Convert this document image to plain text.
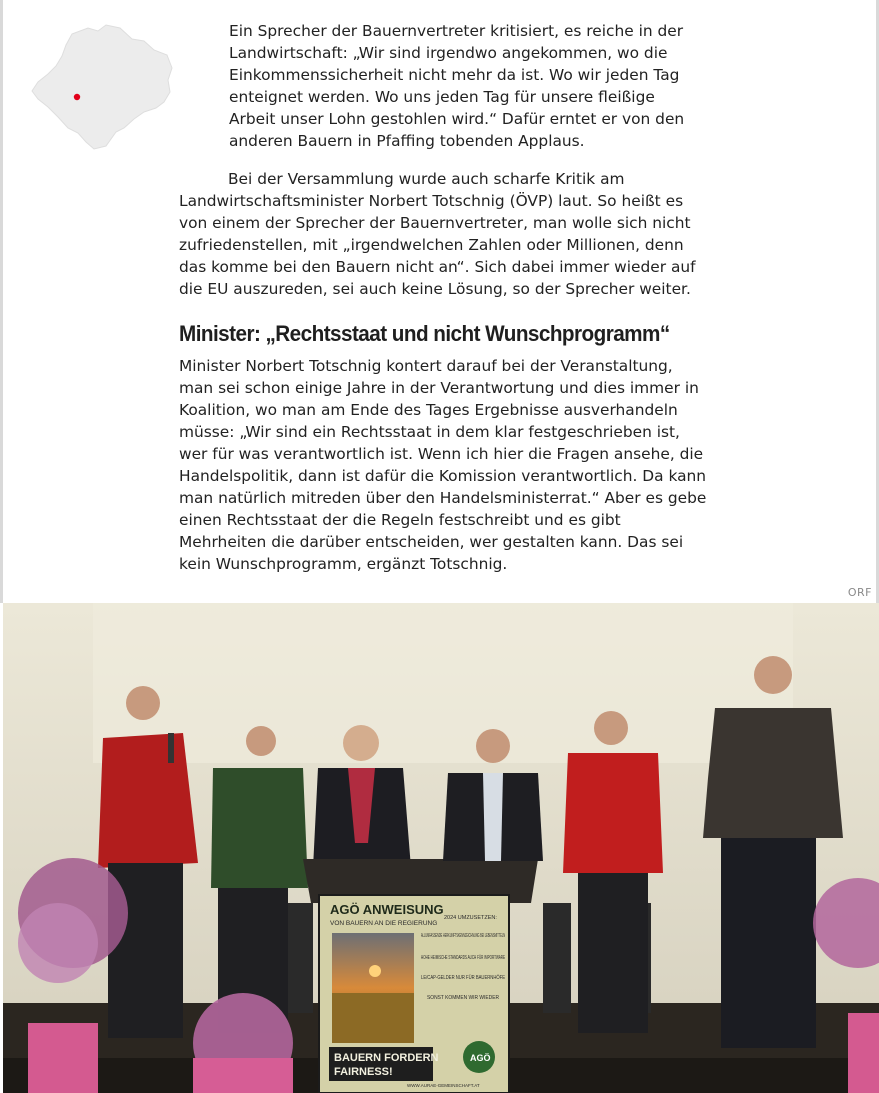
Ein Sprecher der Bauernvertreter kritisiert, es reiche in der Landwirtschaft: „Wir sind irgendwo angekommen, wo die Einkommenssicherheit nicht mehr da ist. Wo wir jeden Tag enteignet werden. Wo uns jeden Tag für unsere fleißige Arbeit unser Lohn gestohlen wird.“ Dafür erntet er von den anderen Bauern in Pfaffing tobenden Applaus.

Bei der Versammlung wurde auch scharfe Kritik am Landwirtschaftsminister Norbert Totschnig (ÖVP) laut. So heißt es von einem der Sprecher der Bauernvertreter, man wolle sich nicht zufriedenstellen, mit „irgendwelchen Zahlen oder Millionen, denn das komme bei den Bauern nicht an“. Sich dabei immer wieder auf die EU auszureden, sei auch keine Lösung, so der Sprecher weiter.

Minister: „Rechtsstaat und nicht Wunschprogramm“

Minister Norbert Totschnig kontert darauf bei der Veranstaltung, man sei schon einige Jahre in der Verantwortung und dies immer in Koalition, wo man am Ende des Tages Ergebnisse ausverhandeln müsse: „Wir sind ein Rechtsstaat in dem klar festgeschrieben ist, wer für was verantwortlich ist. Wenn ich hier die Fragen ansehe, die Handelspolitik, dann ist dafür die Komission verantwortlich. Da kann man natürlich mitreden über den Handelsministerrat.“ Aber es gebe einen Rechtsstaat der die Regeln festschreibt und es gibt Mehrheiten die darüber entscheiden, wer gestalten kann. Das sei kein Wunschprogramm, ergänzt Totschnig.

ORF
AGÖ ANWEISUNG
VON BAUERN AN DIE REGIERUNG
2024 UMZUSETZEN:
ALLUMFASSENDE HERKUNFTSKENNZEICHNUNG BEI LEBENSMITTELN
HOHE HEIMISCHE STANDARDS AUCH FÜR IMPORTWARE
LE/CAP-GELDER NUR FÜR BAUERNHÖFE
SONST KOMMEN WIR WIEDER
BAUERN FORDERN
FAIRNESS!
AGÖ
WWW.AURAE-GEMEINSCHAFT.AT
